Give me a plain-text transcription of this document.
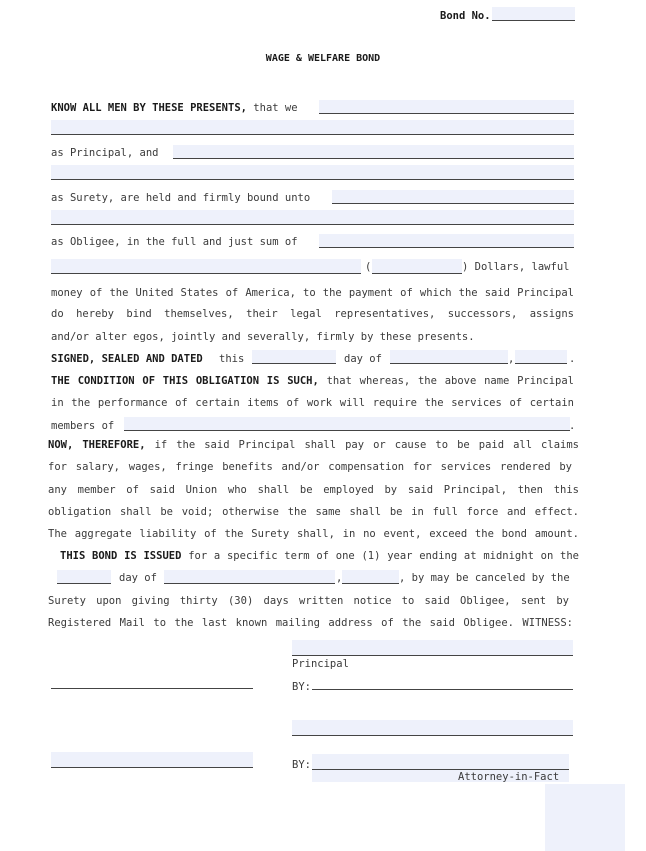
Bond No.
WAGE & WELFARE BOND
KNOW ALL MEN BY THESE PRESENTS, that we
as Principal, and
as Surety, are held and firmly bound unto
as Obligee, in the full and just sum of
(	) Dollars, lawful
money of the United States of America, to the payment of which the said Principal
do hereby bind themselves, their legal representatives, successors, assigns
and/or alter egos, jointly and severally, firmly by these presents.
SIGNED, SEALED AND DATED this	day of	,	.
THE CONDITION OF THIS OBLIGATION IS SUCH, that whereas, the above name Principal
in the performance of certain items of work will require the services of certain
members of	.
NOW, THEREFORE, if the said Principal shall pay or cause to be paid all claims
for salary, wages, fringe benefits and/or compensation for services rendered by
any member of said Union who shall be employed by said Principal, then this
obligation shall be void; otherwise the same shall be in full force and effect.
The aggregate liability of the Surety shall, in no event, exceed the bond amount.
THIS BOND IS ISSUED for a specific term of one (1) year ending at midnight on the
day of	,	, by may be canceled by the
Surety upon giving thirty (30) days written notice to said Obligee, sent by
Registered Mail to the last known mailing address of the said Obligee. WITNESS:
Principal
BY:
BY:
Attorney-in-Fact
